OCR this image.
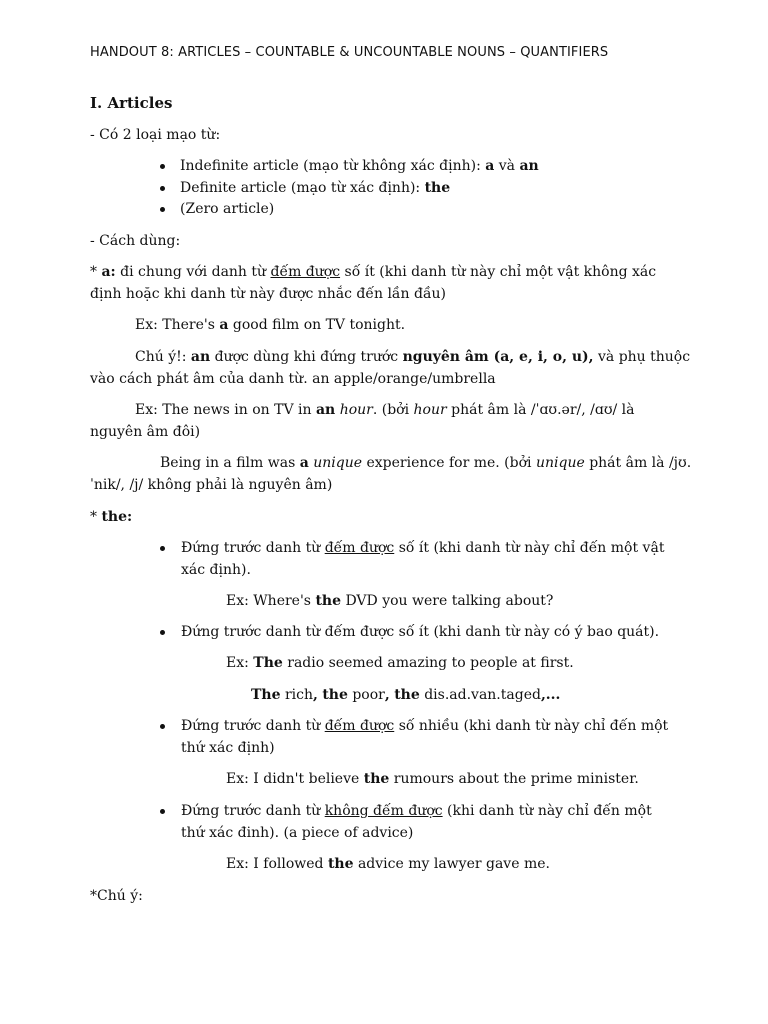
HANDOUT 8: ARTICLES – COUNTABLE & UNCOUNTABLE NOUNS – QUANTIFIERS
I. Articles
- Có 2 loại mạo từ:
Indefinite article (mạo từ không xác định): a và an
Definite article (mạo từ xác định): the
(Zero article)
- Cách dùng:
* a: đi chung với danh từ đếm được số ít (khi danh từ này chỉ một vật không xác
định hoặc khi danh từ này được nhắc đến lần đầu)
Ex: There's a good film on TV tonight.
Chú ý!: an được dùng khi đứng trước nguyên âm (a, e, i, o, u), và phụ thuộc
vào cách phát âm của danh từ. an apple/orange/umbrella
Ex: The news in on TV in an hour. (bởi hour phát âm là /ˈɑʊ.ər/, /ɑʊ/ là
nguyên âm đôi)
Being in a film was a unique experience for me. (bởi unique phát âm là /jʊ.
ˈnik/, /j/ không phải là nguyên âm)
* the:
Đứng trước danh từ đếm được số ít (khi danh từ này chỉ đến một vật
xác định).
Ex: Where's the DVD you were talking about?
Đứng trước danh từ đếm được số ít (khi danh từ này có ý bao quát).
Ex: The radio seemed amazing to people at first.
The rich, the poor, the dis.ad.van.taged,...
Đứng trước danh từ đếm được số nhiều (khi danh từ này chỉ đến một
thứ xác định)
Ex: I didn't believe the rumours about the prime minister.
Đứng trước danh từ không đếm được (khi danh từ này chỉ đến một
thứ xác đinh). (a piece of advice)
Ex: I followed the advice my lawyer gave me.
*Chú ý:
